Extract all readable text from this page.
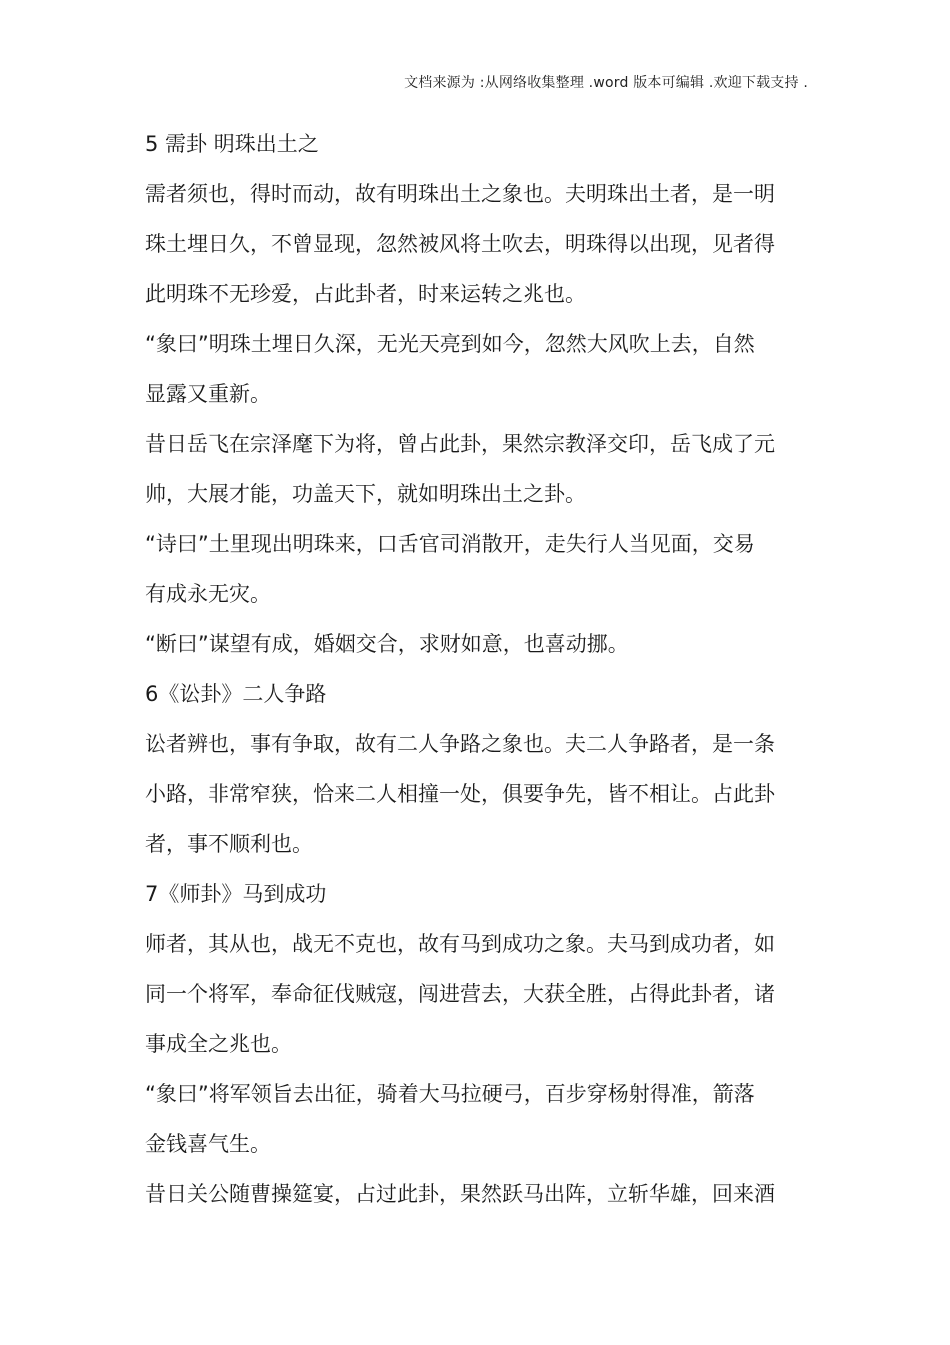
文档来源为 :从网络收集整理 .word 版本可编辑 .欢迎下载支持 .
5 需卦 明珠出土之
需者须也，得时而动，故有明珠出土之象也。夫明珠出土者，是一明
珠土埋日久，不曾显现，忽然被风将土吹去，明珠得以出现，见者得
此明珠不无珍爱，占此卦者，时来运转之兆也。
“象曰”明珠土埋日久深，无光天亮到如今，忽然大风吹上去，自然
显露又重新。
昔日岳飞在宗泽麾下为将，曾占此卦，果然宗教泽交印，岳飞成了元
帅，大展才能，功盖天下，就如明珠出土之卦。
“诗曰”土里现出明珠来，口舌官司消散开，走失行人当见面，交易
有成永无灾。
“断曰”谋望有成，婚姻交合，求财如意，也喜动挪。
6《讼卦》二人争路
讼者辨也，事有争取，故有二人争路之象也。夫二人争路者，是一条
小路，非常窄狭，恰来二人相撞一处，俱要争先，皆不相让。占此卦
者，事不顺利也。
7《师卦》马到成功
师者，其从也，战无不克也，故有马到成功之象。夫马到成功者，如
同一个将军，奉命征伐贼寇，闯进营去，大获全胜，占得此卦者，诸
事成全之兆也。
“象曰”将军领旨去出征，骑着大马拉硬弓，百步穿杨射得准，箭落
金钱喜气生。
昔日关公随曹操筵宴，占过此卦，果然跃马出阵，立斩华雄，回来酒
